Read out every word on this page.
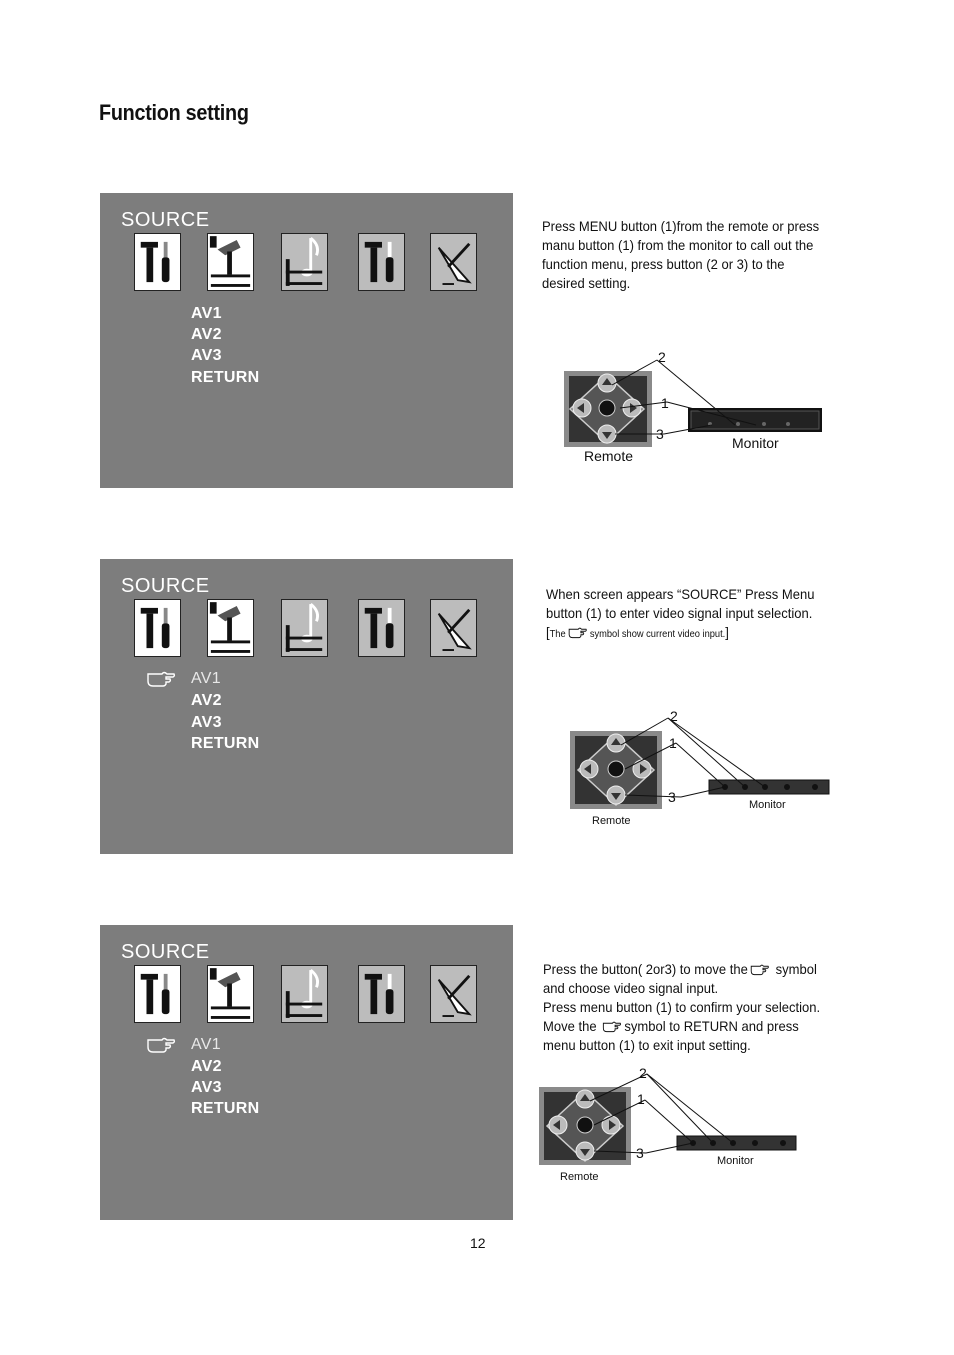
Function setting
SOURCE
AV1
AV2
AV3
RETURN
SOURCE
AV1
AV2
AV3
RETURN
SOURCE
AV1
AV2
AV3
RETURN
Press MENU button (1)from the remote or press
manu button (1) from the monitor to call out the
function menu, press button (2 or 3) to the
desired setting.
2
1
3
Remote
Monitor
When screen appears “SOURCE” Press Menu
button (1) to enter video signal input selection.
[The symbol show current video input.]
2
1
3
Remote
Monitor
Press the button( 2or3) to move the symbol
and choose video signal input.
Press menu button (1) to confirm your selection.
Move the symbol to RETURN and press
menu button (1) to exit input setting.
2
1
3
Remote
Monitor
12
